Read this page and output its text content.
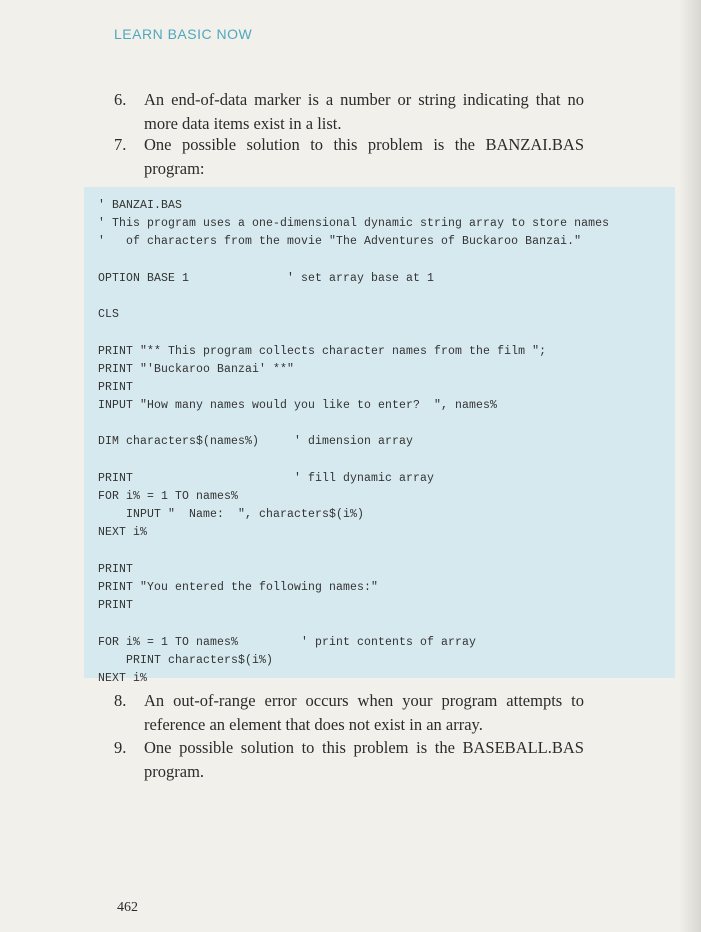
LEARN BASIC NOW
6.	An end-of-data marker is a number or string indicating that no more data items exist in a list.
7.	One possible solution to this problem is the BANZAI.BAS program:
' BANZAI.BAS
' This program uses a one-dimensional dynamic string array to store names
'   of characters from the movie "The Adventures of Buckaroo Banzai."
OPTION BASE 1              ' set array base at 1
CLS
PRINT "** This program collects character names from the film ";
PRINT "'Buckaroo Banzai' **"
PRINT
INPUT "How many names would you like to enter?  ", names%
DIM characters$(names%)     ' dimension array
PRINT                       ' fill dynamic array
FOR i% = 1 TO names%
INPUT "  Name:  ", characters$(i%)
NEXT i%
PRINT
PRINT "You entered the following names:"
PRINT
FOR i% = 1 TO names%         ' print contents of array
PRINT characters$(i%)
NEXT i%
8.	An out-of-range error occurs when your program attempts to reference an element that does not exist in an array.
9.	One possible solution to this problem is the BASEBALL.BAS program.
462
